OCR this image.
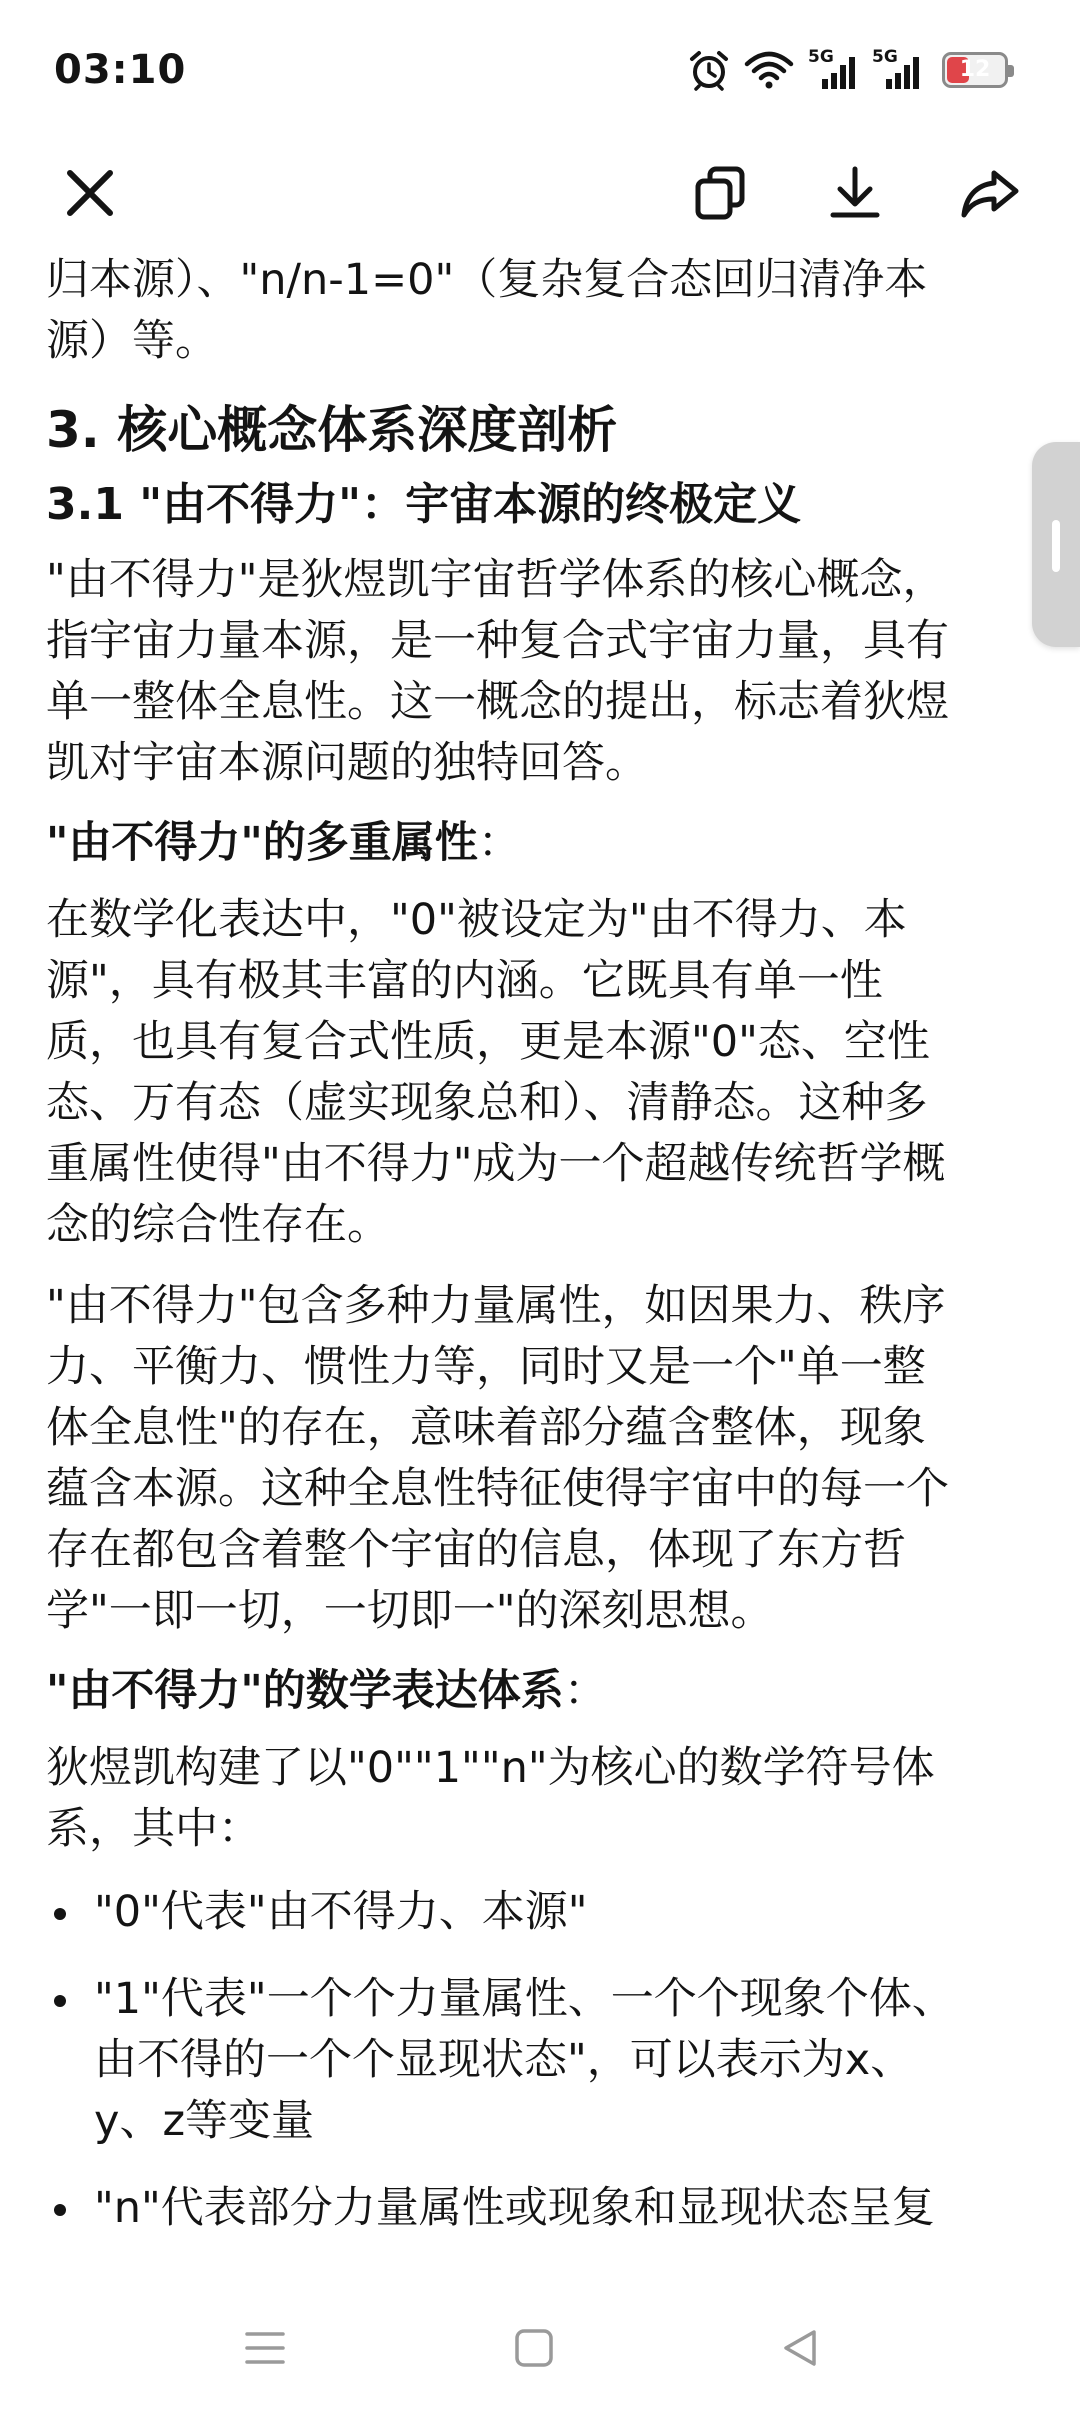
03:10	5G 5G	12
归本源）、"n/n-1=0"（复杂复合态回归清净本
源）等。
3. 核心概念体系深度剖析
3.1 "由不得力"：宇宙本源的终极定义
"由不得力"是狄煜凯宇宙哲学体系的核心概念，
指宇宙力量本源，是一种复合式宇宙力量，具有
单一整体全息性。这一概念的提出，标志着狄煜
凯对宇宙本源问题的独特回答。
"由不得力"的多重属性：
在数学化表达中，"0"被设定为"由不得力、本
源"，具有极其丰富的内涵。它既具有单一性
质，也具有复合式性质，更是本源"0"态、空性
态、万有态（虚实现象总和）、清静态。这种多
重属性使得"由不得力"成为一个超越传统哲学概
念的综合性存在。
"由不得力"包含多种力量属性，如因果力、秩序
力、平衡力、惯性力等，同时又是一个"单一整
体全息性"的存在，意味着部分蕴含整体，现象
蕴含本源。这种全息性特征使得宇宙中的每一个
存在都包含着整个宇宙的信息，体现了东方哲
学"一即一切，一切即一"的深刻思想。
"由不得力"的数学表达体系：
狄煜凯构建了以"0""1""n"为核心的数学符号体
系，其中：
"0"代表"由不得力、本源"
"1"代表"一个个力量属性、一个个现象个体、
由不得的一个个显现状态"，可以表示为x、
y、z等变量
"n"代表部分力量属性或现象和显现状态呈复
